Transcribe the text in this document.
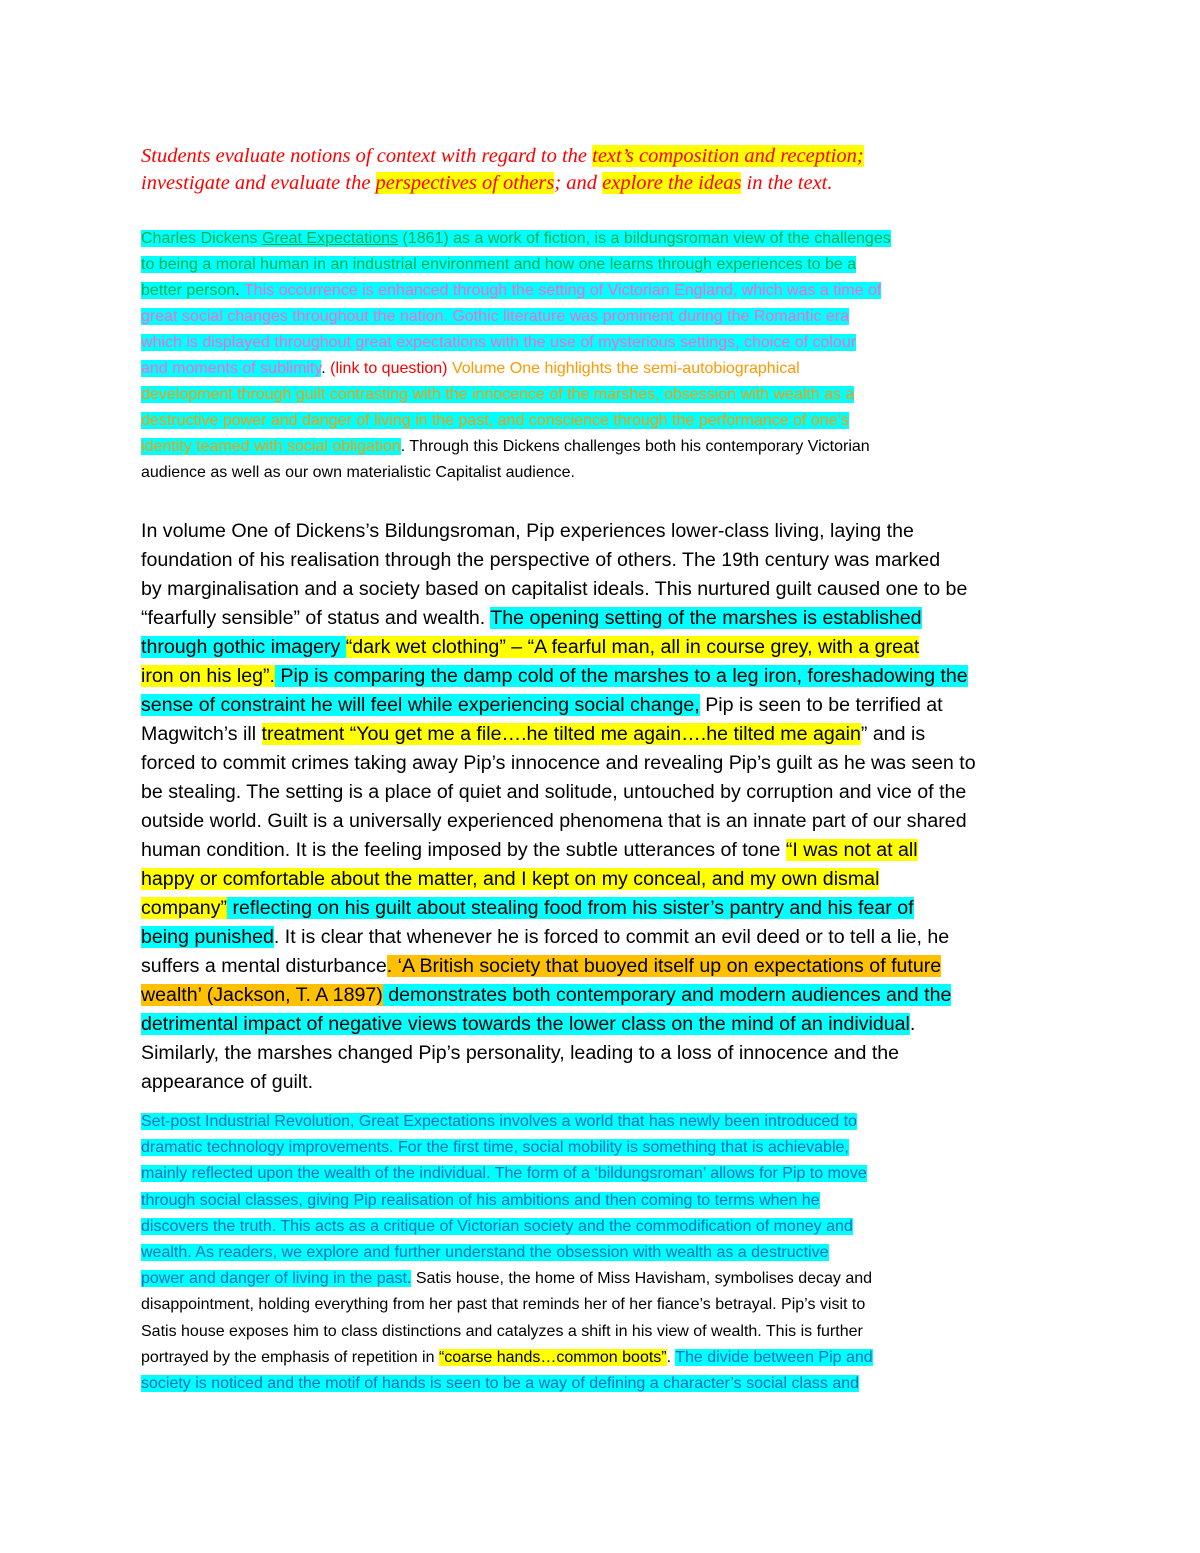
Students evaluate notions of context with regard to the text’s composition and reception;
investigate and evaluate the perspectives of others; and explore the ideas in the text.
Charles Dickens Great Expectations (1861) as a work of fiction, is a bildungsroman view of the challenges
to being a moral human in an industrial environment and how one learns through experiences to be a
better person. This occurrence is enhanced through the setting of Victorian England, which was a time of
great social changes throughout the nation. Gothic literature was prominent during the Romantic era
which is displayed throughout great expectations with the use of mysterious settings, choice of colour
and moments of sublimity. (link to question) Volume One highlights the semi-autobiographical
development through guilt contrasting with the innocence of the marshes, obsession with wealth as a
destructive power and danger of living in the past, and conscience through the performance of one’s
identity teamed with social obligation. Through this Dickens challenges both his contemporary Victorian
audience as well as our own materialistic Capitalist audience.
In volume One of Dickens’s Bildungsroman, Pip experiences lower-class living, laying the
foundation of his realisation through the perspective of others. The 19th century was marked
by marginalisation and a society based on capitalist ideals. This nurtured guilt caused one to be
“fearfully sensible” of status and wealth. The opening setting of the marshes is established
through gothic imagery “dark wet clothing” – “A fearful man, all in course grey, with a great
iron on his leg”. Pip is comparing the damp cold of the marshes to a leg iron, foreshadowing the
sense of constraint he will feel while experiencing social change, Pip is seen to be terrified at
Magwitch’s ill treatment “You get me a file….he tilted me again….he tilted me again” and is
forced to commit crimes taking away Pip’s innocence and revealing Pip’s guilt as he was seen to
be stealing. The setting is a place of quiet and solitude, untouched by corruption and vice of the
outside world. Guilt is a universally experienced phenomena that is an innate part of our shared
human condition. It is the feeling imposed by the subtle utterances of tone “I was not at all
happy or comfortable about the matter, and I kept on my conceal, and my own dismal
company” reflecting on his guilt about stealing food from his sister’s pantry and his fear of
being punished. It is clear that whenever he is forced to commit an evil deed or to tell a lie, he
suffers a mental disturbance. ‘A British society that buoyed itself up on expectations of future
wealth’ (Jackson, T. A 1897) demonstrates both contemporary and modern audiences and the
detrimental impact of negative views towards the lower class on the mind of an individual.
Similarly, the marshes changed Pip’s personality, leading to a loss of innocence and the
appearance of guilt.
Set-post Industrial Revolution, Great Expectations involves a world that has newly been introduced to
dramatic technology improvements. For the first time, social mobility is something that is achievable,
mainly reflected upon the wealth of the individual. The form of a ‘bildungsroman’ allows for Pip to move
through social classes, giving Pip realisation of his ambitions and then coming to terms when he
discovers the truth. This acts as a critique of Victorian society and the commodification of money and
wealth. As readers, we explore and further understand the obsession with wealth as a destructive
power and danger of living in the past. Satis house, the home of Miss Havisham, symbolises decay and
disappointment, holding everything from her past that reminds her of her fiance’s betrayal. Pip’s visit to
Satis house exposes him to class distinctions and catalyzes a shift in his view of wealth. This is further
portrayed by the emphasis of repetition in “coarse hands…common boots”. The divide between Pip and
society is noticed and the motif of hands is seen to be a way of defining a character’s social class and
